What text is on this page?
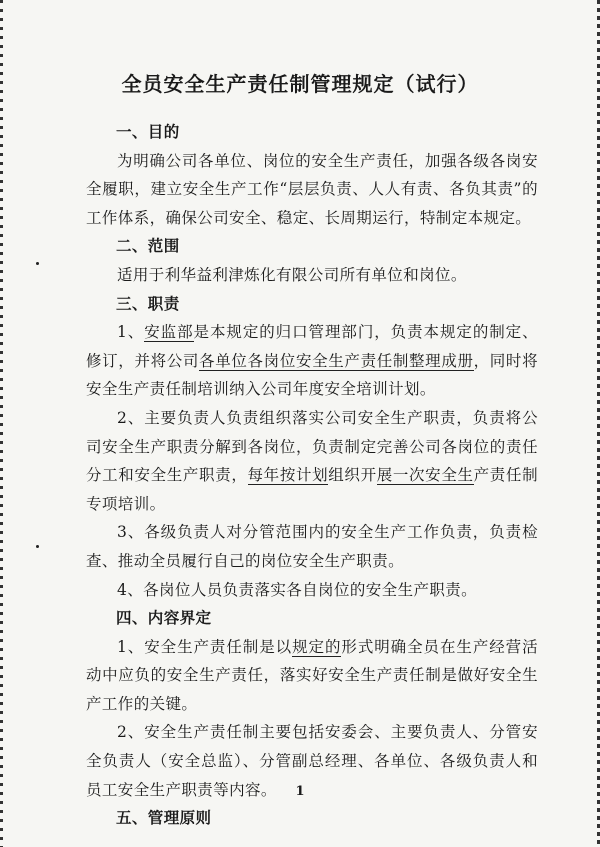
全员安全生产责任制管理规定（试行）
一、目的
为明确公司各单位、岗位的安全生产责任，加强各级各岗安全履职，建立安全生产工作“层层负责、人人有责、各负其责”的工作体系，确保公司安全、稳定、长周期运行，特制定本规定。
二、范围
适用于利华益利津炼化有限公司所有单位和岗位。
三、职责
1、安监部是本规定的归口管理部门，负责本规定的制定、修订，并将公司各单位各岗位安全生产责任制整理成册，同时将安全生产责任制培训纳入公司年度安全培训计划。
2、主要负责人负责组织落实公司安全生产职责，负责将公司安全生产职责分解到各岗位，负责制定完善公司各岗位的责任分工和安全生产职责，每年按计划组织开展一次安全生产责任制专项培训。
3、各级负责人对分管范围内的安全生产工作负责，负责检查、推动全员履行自己的岗位安全生产职责。
4、各岗位人员负责落实各自岗位的安全生产职责。
四、内容界定
1、安全生产责任制是以规定的形式明确全员在生产经营活动中应负的安全生产责任，落实好安全生产责任制是做好安全生产工作的关键。
2、安全生产责任制主要包括安委会、主要负责人、分管安全负责人（安全总监）、分管副总经理、各单位、各级负责人和员工安全生产职责等内容。
五、管理原则
1
